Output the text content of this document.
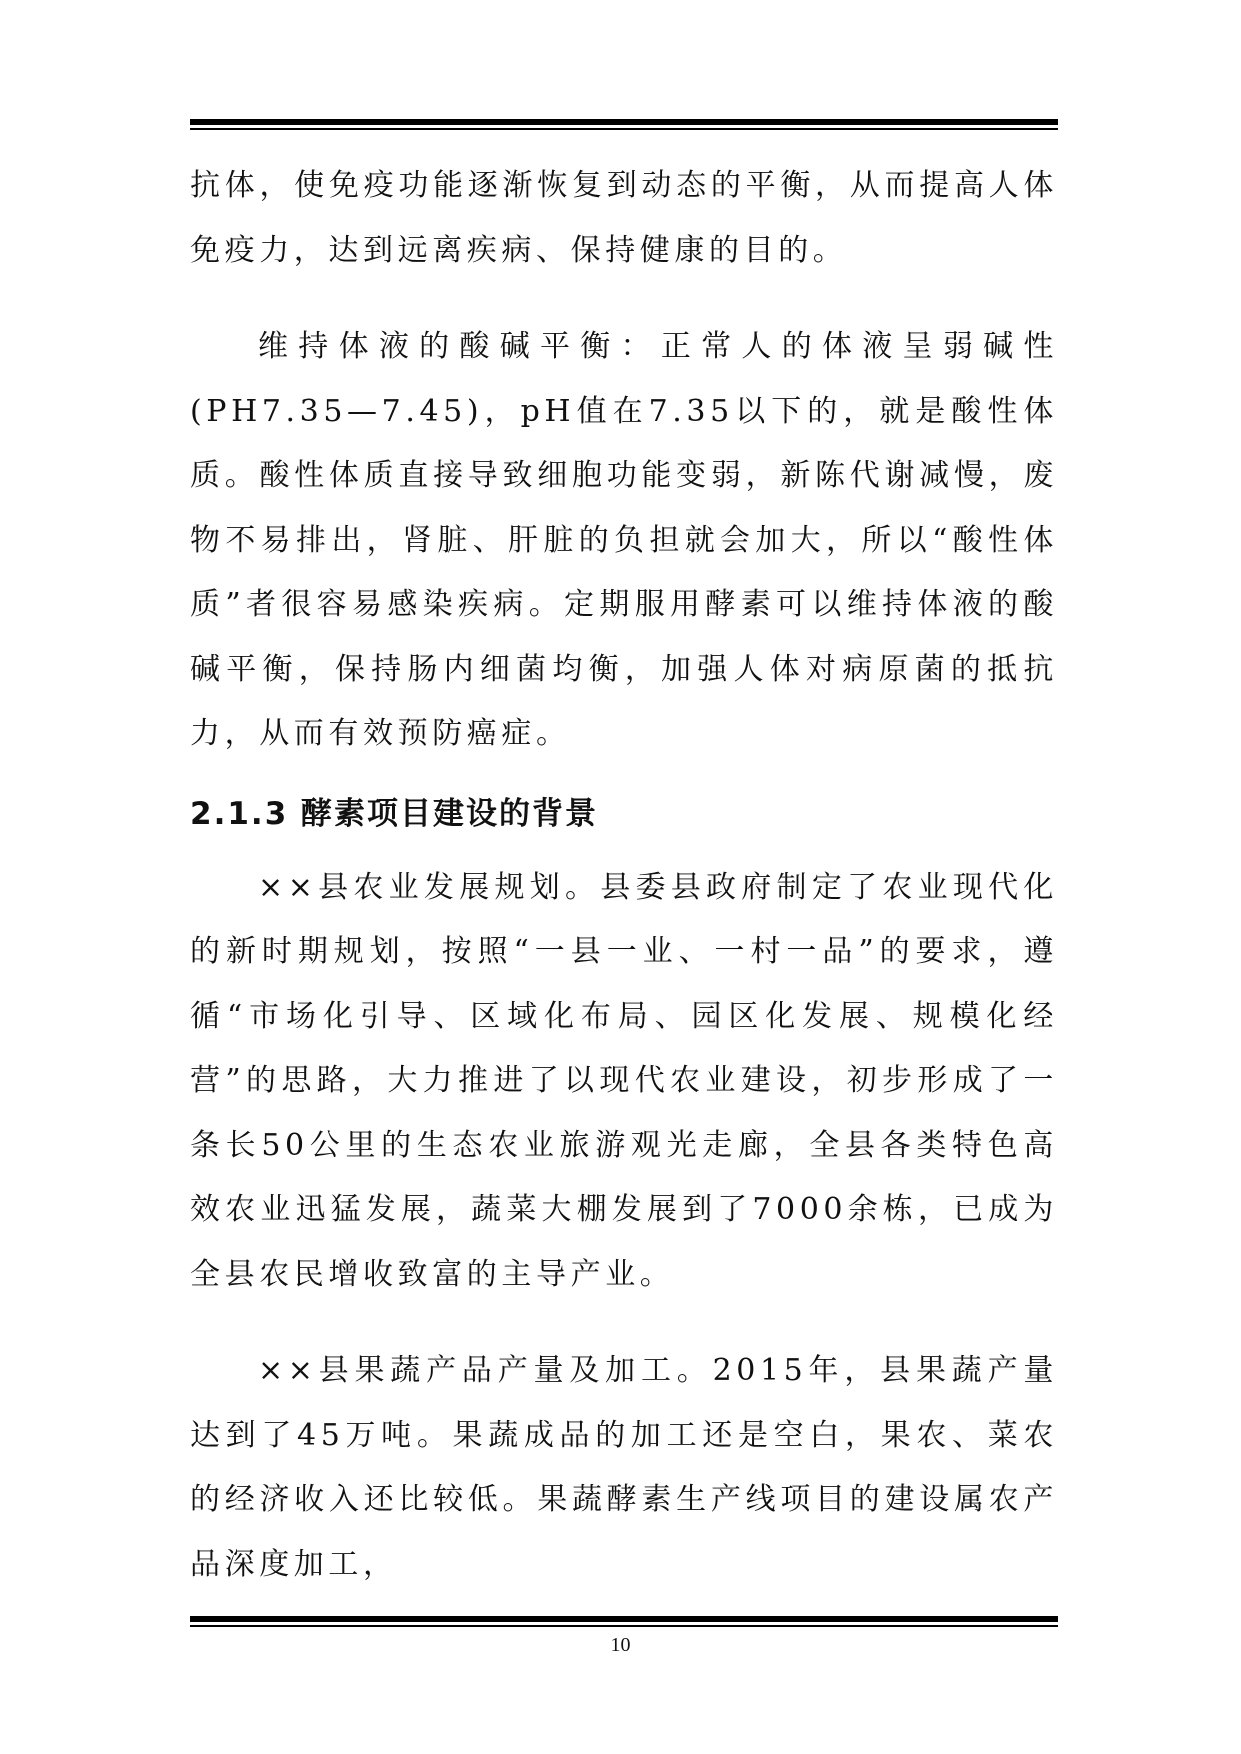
抗体，使免疫功能逐渐恢复到动态的平衡，从而提高人体免疫力，达到远离疾病、保持健康的目的。

维持体液的酸碱平衡：正常人的体液呈弱碱性(PH7.35—7.45)，pH值在7.35以下的，就是酸性体质。酸性体质直接导致细胞功能变弱，新陈代谢减慢，废物不易排出，肾脏、肝脏的负担就会加大，所以“酸性体质”者很容易感染疾病。定期服用酵素可以维持体液的酸碱平衡，保持肠内细菌均衡，加强人体对病原菌的抵抗力，从而有效预防癌症。

2.1.3 酵素项目建设的背景

××县农业发展规划。县委县政府制定了农业现代化的新时期规划，按照“一县一业、一村一品”的要求，遵循“市场化引导、区域化布局、园区化发展、规模化经营”的思路，大力推进了以现代农业建设，初步形成了一条长50公里的生态农业旅游观光走廊，全县各类特色高效农业迅猛发展，蔬菜大棚发展到了7000余栋，已成为全县农民增收致富的主导产业。

××县果蔬产品产量及加工。2015年，县果蔬产量达到了45万吨。果蔬成品的加工还是空白，果农、菜农的经济收入还比较低。果蔬酵素生产线项目的建设属农产品深度加工，

10
